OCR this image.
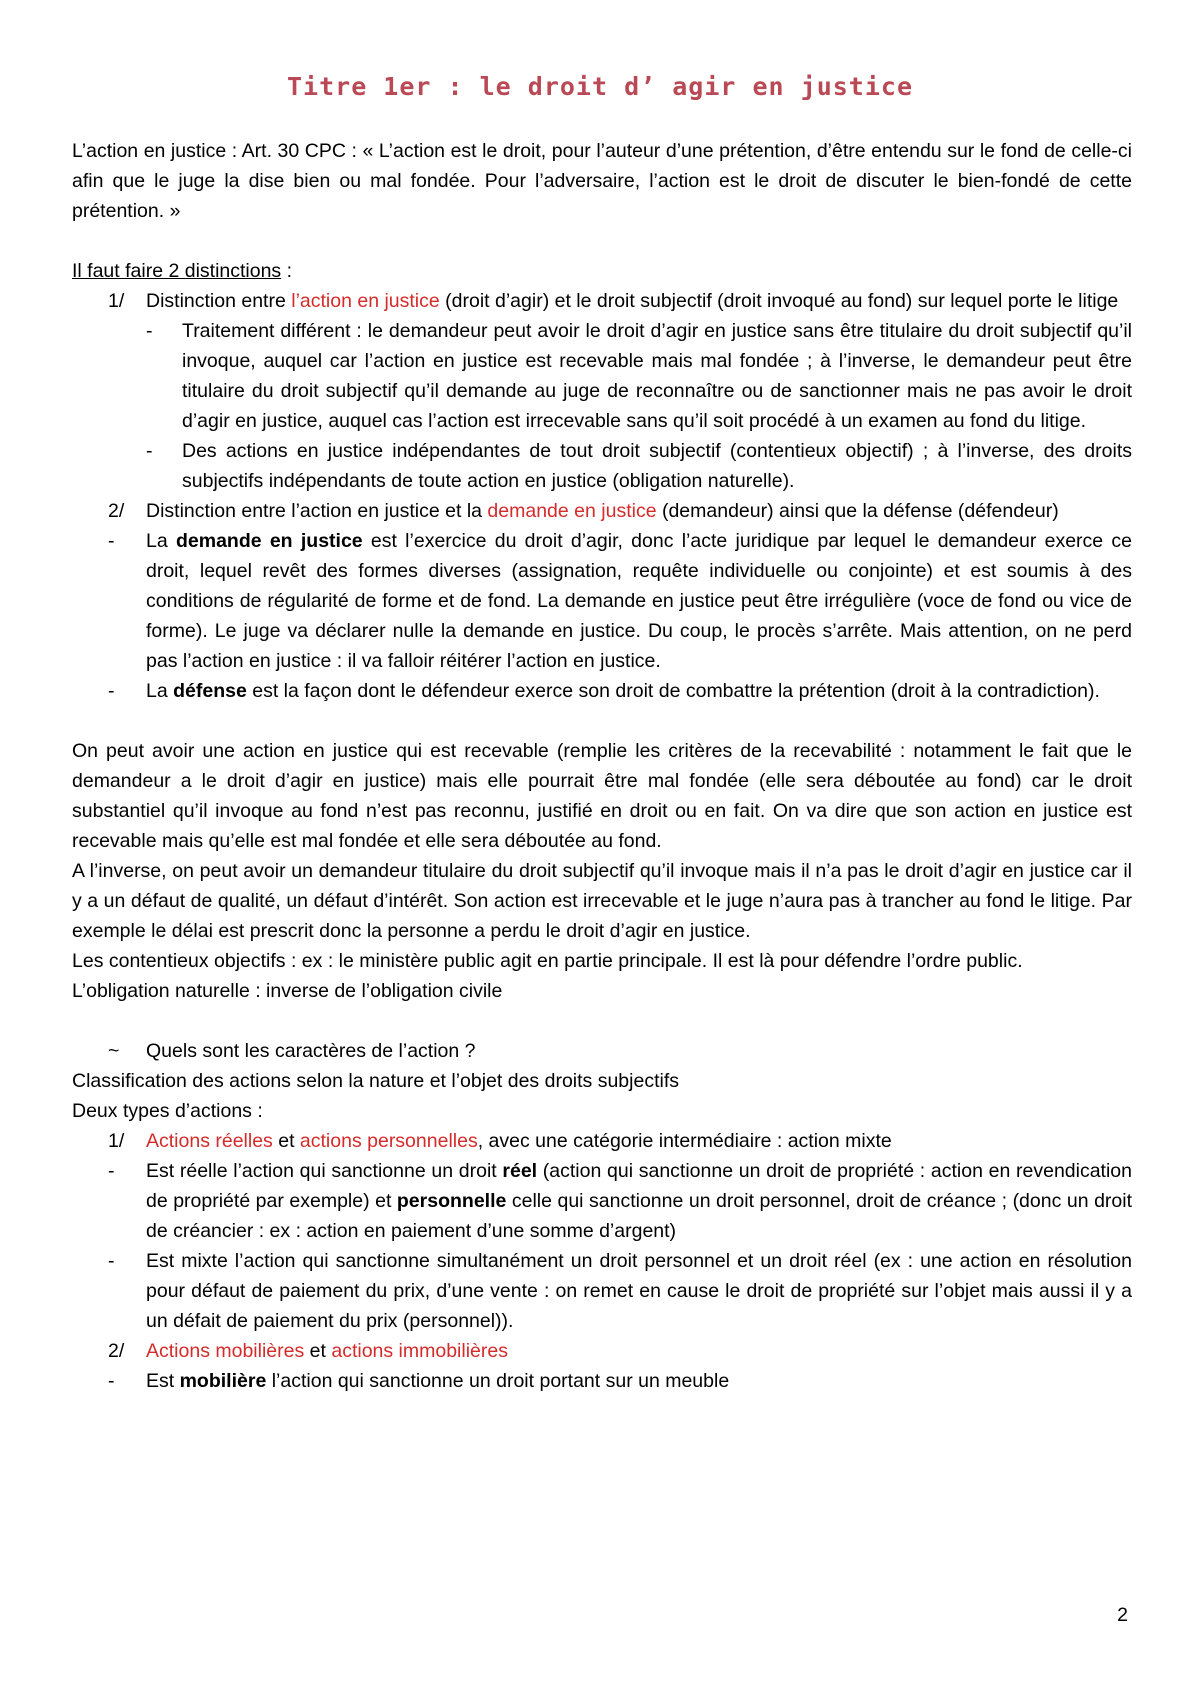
Titre 1er : le droit d’ agir en justice

L’action en justice : Art. 30 CPC : « L’action est le droit, pour l’auteur d’une prétention, d’être entendu sur le fond de celle-ci afin que le juge la dise bien ou mal fondée. Pour l’adversaire, l’action est le droit de discuter le bien-fondé de cette prétention. »

Il faut faire 2 distinctions :

1/	Distinction entre l’action en justice (droit d’agir) et le droit subjectif (droit invoqué au fond) sur lequel porte le litige
-	Traitement différent : le demandeur peut avoir le droit d’agir en justice sans être titulaire du droit subjectif qu’il invoque, auquel car l’action en justice est recevable mais mal fondée ; à l’inverse, le demandeur peut être titulaire du droit subjectif qu’il demande au juge de reconnaître ou de sanctionner mais ne pas avoir le droit d’agir en justice, auquel cas l’action est irrecevable sans qu’il soit procédé à un examen au fond du litige.
-	Des actions en justice indépendantes de tout droit subjectif (contentieux objectif) ; à l’inverse, des droits subjectifs indépendants de toute action en justice (obligation naturelle).
2/	Distinction entre l’action en justice et la demande en justice (demandeur) ainsi que la défense (défendeur)
-	La demande en justice est l’exercice du droit d’agir, donc l’acte juridique par lequel le demandeur exerce ce droit, lequel revêt des formes diverses (assignation, requête individuelle ou conjointe) et est soumis à des conditions de régularité de forme et de fond. La demande en justice peut être irrégulière (voce de fond ou vice de forme). Le juge va déclarer nulle la demande en justice. Du coup, le procès s’arrête. Mais attention, on ne perd pas l’action en justice : il va falloir réitérer l’action en justice.
-	La défense est la façon dont le défendeur exerce son droit de combattre la prétention (droit à la contradiction).

On peut avoir une action en justice qui est recevable (remplie les critères de la recevabilité : notamment le fait que le demandeur a le droit d’agir en justice) mais elle pourrait être mal fondée (elle sera déboutée au fond) car le droit substantiel qu’il invoque au fond n’est pas reconnu, justifié en droit ou en fait. On va dire que son action en justice est recevable mais qu’elle est mal fondée et elle sera déboutée au fond.

A l’inverse, on peut avoir un demandeur titulaire du droit subjectif qu’il invoque mais il n’a pas le droit d’agir en justice car il y a un défaut de qualité, un défaut d’intérêt. Son action est irrecevable et le juge n’aura pas à trancher au fond le litige. Par exemple le délai est prescrit donc la personne a perdu le droit d’agir en justice.

Les contentieux objectifs : ex : le ministère public agit en partie principale. Il est là pour défendre l’ordre public.

L’obligation naturelle : inverse de l’obligation civile

~	Quels sont les caractères de l’action ?

Classification des actions selon la nature et l’objet des droits subjectifs

Deux types d’actions :

1/	Actions réelles et actions personnelles, avec une catégorie intermédiaire : action mixte
-	Est réelle l’action qui sanctionne un droit réel (action qui sanctionne un droit de propriété : action en revendication de propriété par exemple) et personnelle celle qui sanctionne un droit personnel, droit de créance ; (donc un droit de créancier : ex : action en paiement d’une somme d’argent)
-	Est mixte l’action qui sanctionne simultanément un droit personnel et un droit réel (ex : une action en résolution pour défaut de paiement du prix, d’une vente : on remet en cause le droit de propriété sur l’objet mais aussi il y a un défait de paiement du prix (personnel)).
2/	Actions mobilières et actions immobilières
-	Est mobilière l’action qui sanctionne un droit portant sur un meuble
2
